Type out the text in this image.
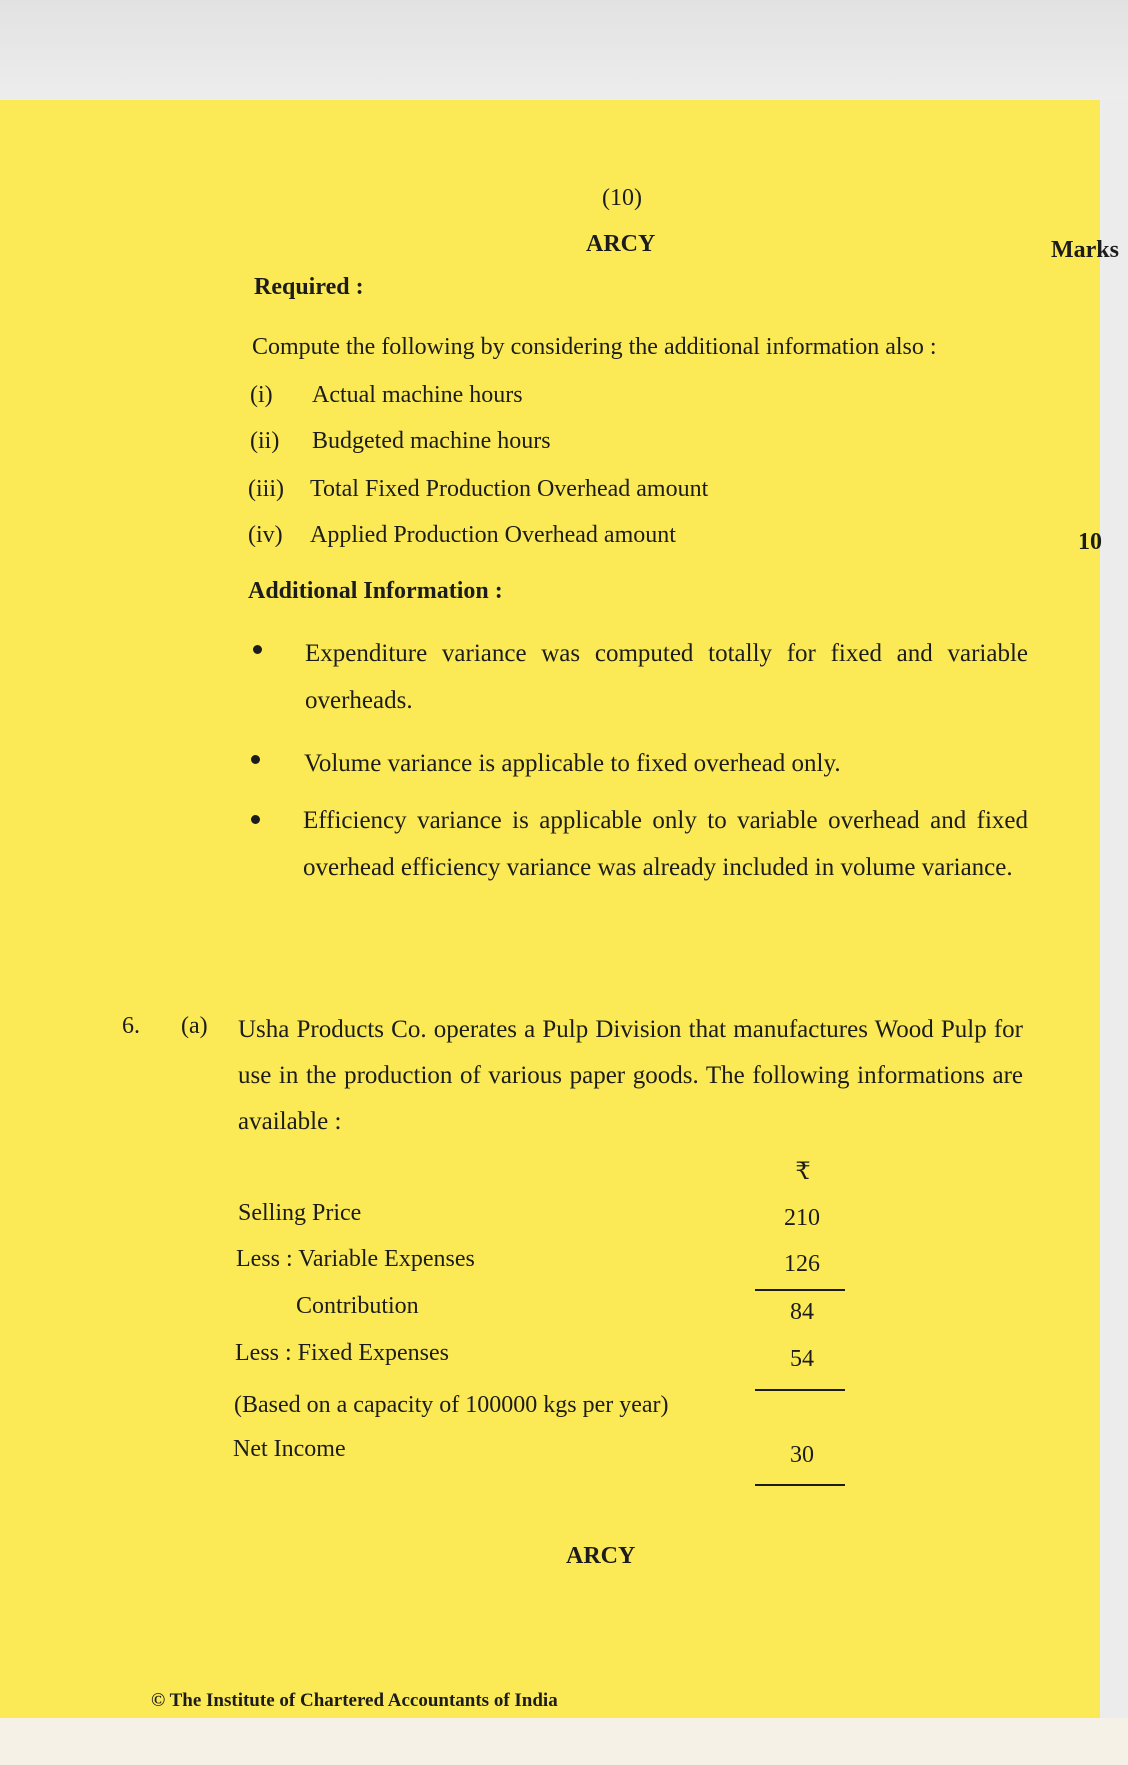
(10)
ARCY	Marks
Required :
Compute the following by considering the additional information also :
(i) Actual machine hours
(ii) Budgeted machine hours
(iii) Total Fixed Production Overhead amount
(iv) Applied Production Overhead amount	10
Additional Information :
Expenditure variance was computed totally for fixed and variable overheads.
Volume variance is applicable to fixed overhead only.
Efficiency variance is applicable only to variable overhead and fixed overhead efficiency variance was already included in volume variance.
6. (a) Usha Products Co. operates a Pulp Division that manufactures Wood Pulp for use in the production of various paper goods. The following informations are available :
₹
Selling Price	210
Less : Variable Expenses	126
Contribution	84
Less : Fixed Expenses	54
(Based on a capacity of 100000 kgs per year)
Net Income	30
ARCY
© The Institute of Chartered Accountants of India
